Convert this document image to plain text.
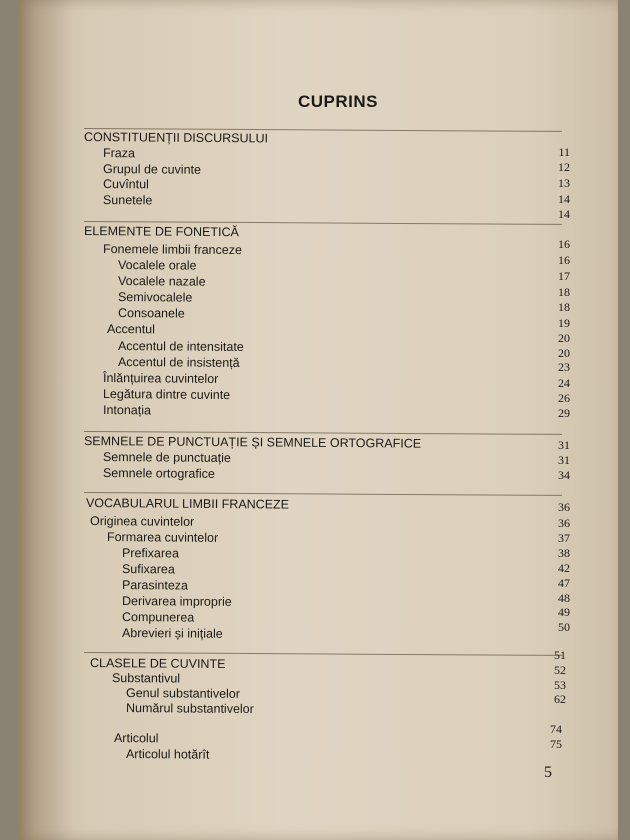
CUPRINS
CONSTITUENȚII DISCURSULUI
Fraza
Grupul de cuvinte
Cuvîntul
Sunetele
11
12
13
14
14
ELEMENTE DE FONETICĂ
Fonemele limbii franceze
Vocalele orale
Vocalele nazale
Semivocalele
Consoanele
Accentul
Accentul de intensitate
Accentul de insistență
Înlănțuirea cuvintelor
Legătura dintre cuvinte
Intonația
16
16
17
18
18
19
20
20
23
24
26
29
SEMNELE DE PUNCTUAȚIE ȘI SEMNELE ORTOGRAFICE
Semnele de punctuație
Semnele ortografice
31
31
34
VOCABULARUL LIMBII FRANCEZE
Originea cuvintelor
Formarea cuvintelor
Prefixarea
Sufixarea
Parasinteza
Derivarea improprie
Compunerea
Abrevieri și inițiale
36
36
37
38
42
47
48
49
50
CLASELE DE CUVINTE
Substantivul
Genul substantivelor
Numărul substantivelor
Articolul
Articolul hotărît
51
52
53
62
74
75
5
